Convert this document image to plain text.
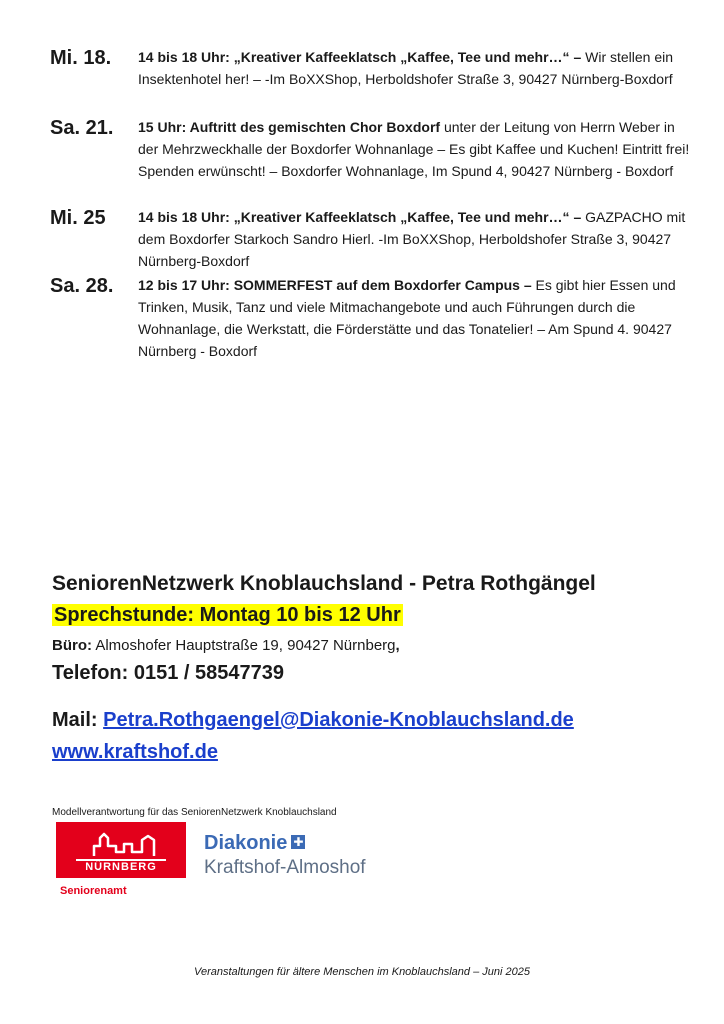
Mi. 18. 14 bis 18 Uhr: „Kreativer Kaffeeklatsch „Kaffee, Tee und mehr…“ – Wir stellen ein Insektenhotel her! – -Im BoXXShop, Herboldshofer Straße 3, 90427 Nürnberg-Boxdorf
Sa. 21. 15 Uhr: Auftritt des gemischten Chor Boxdorf unter der Leitung von Herrn Weber in der Mehrzweckhalle der Boxdorfer Wohnanlage – Es gibt Kaffee und Kuchen! Eintritt frei! Spenden erwünscht! – Boxdorfer Wohnanlage, Im Spund 4, 90427 Nürnberg - Boxdorf
Mi. 25 14 bis 18 Uhr: „Kreativer Kaffeeklatsch „Kaffee, Tee und mehr…“ – GAZPACHO mit dem Boxdorfer Starkoch Sandro Hierl. -Im BoXXShop, Herboldshofer Straße 3, 90427 Nürnberg-Boxdorf
Sa. 28. 12 bis 17 Uhr: SOMMERFEST auf dem Boxdorfer Campus – Es gibt hier Essen und Trinken, Musik, Tanz und viele Mitmachangebote und auch Führungen durch die Wohnanlage, die Werkstatt, die Förderstätte und das Tonatelier! – Am Spund 4. 90427 Nürnberg - Boxdorf
SeniorenNetzwerk Knoblauchsland - Petra Rothgängel
Sprechstunde: Montag 10 bis 12 Uhr
Büro: Almoshofer Hauptstraße 19, 90427 Nürnberg,
Telefon: 0151 / 58547739
Mail: Petra.Rothgaengel@Diakonie-Knoblauchsland.de
www.kraftshof.de
Modellverantwortung für das SeniorenNetzwerk Knoblauchsland
NÜRNBERG
Seniorenamt
Diakonie ✚
Kraftshof-Almoshof
Veranstaltungen für ältere Menschen im Knoblauchsland – Juni 2025
